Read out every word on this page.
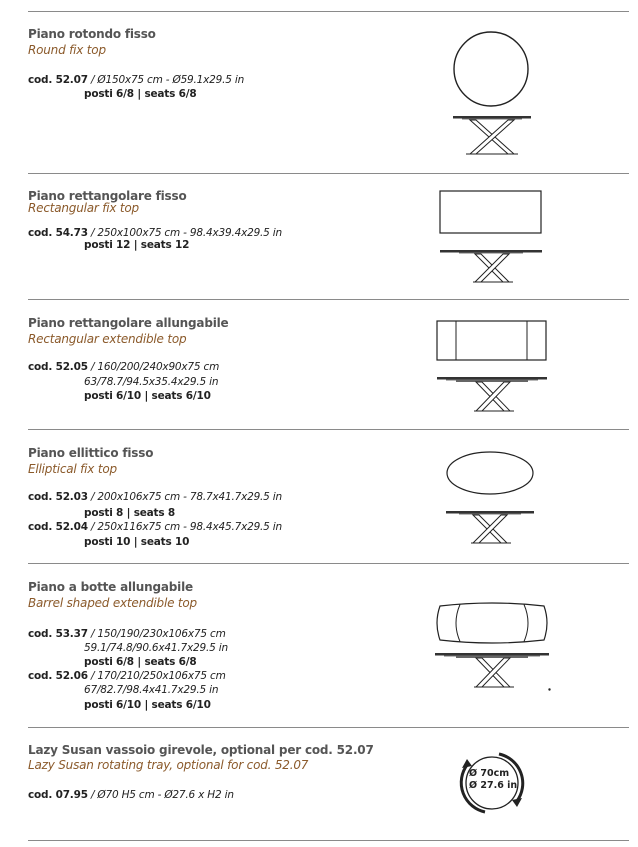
Piano rotondo fisso
Round fix top
cod. 52.07 / Ø150x75 cm - Ø59.1x29.5 in
posti 6/8 | seats 6/8
Piano rettangolare fisso
Rectangular fix top
cod. 54.73 / 250x100x75 cm - 98.4x39.4x29.5 in
posti 12 | seats 12
Piano rettangolare allungabile
Rectangular extendible top
cod. 52.05 / 160/200/240x90x75 cm
63/78.7/94.5x35.4x29.5 in
posti 6/10 | seats 6/10
Piano ellittico fisso
Elliptical fix top
cod. 52.03 / 200x106x75 cm - 78.7x41.7x29.5 in
posti 8 | seats 8
cod. 52.04 / 250x116x75 cm - 98.4x45.7x29.5 in
posti 10 | seats 10
Piano a botte allungabile
Barrel shaped extendible top
cod. 53.37 / 150/190/230x106x75 cm
59.1/74.8/90.6x41.7x29.5 in
posti 6/8 | seats 6/8
cod. 52.06 / 170/210/250x106x75 cm
67/82.7/98.4x41.7x29.5 in
posti 6/10 | seats 6/10
Lazy Susan vassoio girevole, optional per cod. 52.07
Lazy Susan rotating tray, optional for cod. 52.07
cod. 07.95 / Ø70 H5 cm - Ø27.6 x H2 in
Ø 70cm
Ø 27.6 in
